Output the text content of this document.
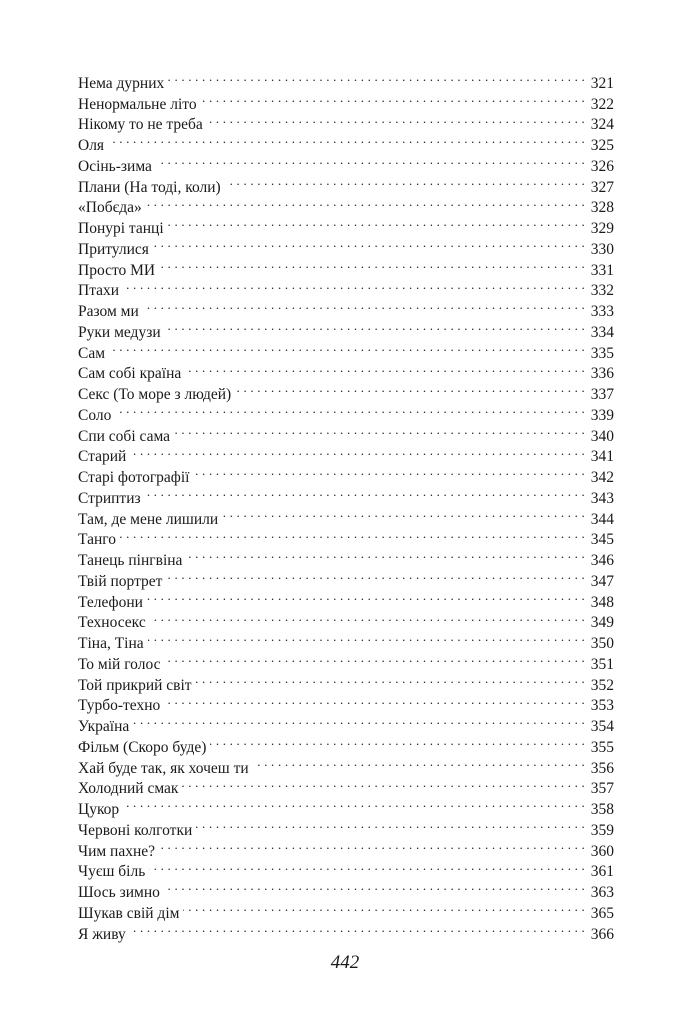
Нема дурних . . .	321
Ненормальне літо . . .	322
Нікому то не треба . . .	324
Оля . . .	325
Осінь-зима . . .	326
Плани (На тоді, коли) . . .	327
«Побєда» . . .	328
Понурі танці . . .	329
Притулися . . .	330
Просто МИ . . .	331
Птахи . . .	332
Разом ми . . .	333
Руки медузи . . .	334
Сам . . .	335
Сам собі країна . . .	336
Секс (То море з людей) . . .	337
Соло . . .	339
Спи собі сама . . .	340
Старий . . .	341
Старі фотографії . . .	342
Стриптиз . . .	343
Там, де мене лишили . . .	344
Танго . . .	345
Танець пінгвіна . . .	346
Твій портрет . . .	347
Телефони . . .	348
Техносекс . . .	349
Тіна, Тіна . . .	350
То мій голос . . .	351
Той прикрий світ . . .	352
Турбо-техно . . .	353
Україна . . .	354
Фільм (Скоро буде) . . .	355
Хай буде так, як хочеш ти . . .	356
Холодний смак . . .	357
Цукор . . .	358
Червоні колготки . . .	359
Чим пахне? . . .	360
Чуєш біль . . .	361
Шось зимно . . .	363
Шукав свій дім . . .	365
Я живу . . .	366
442
